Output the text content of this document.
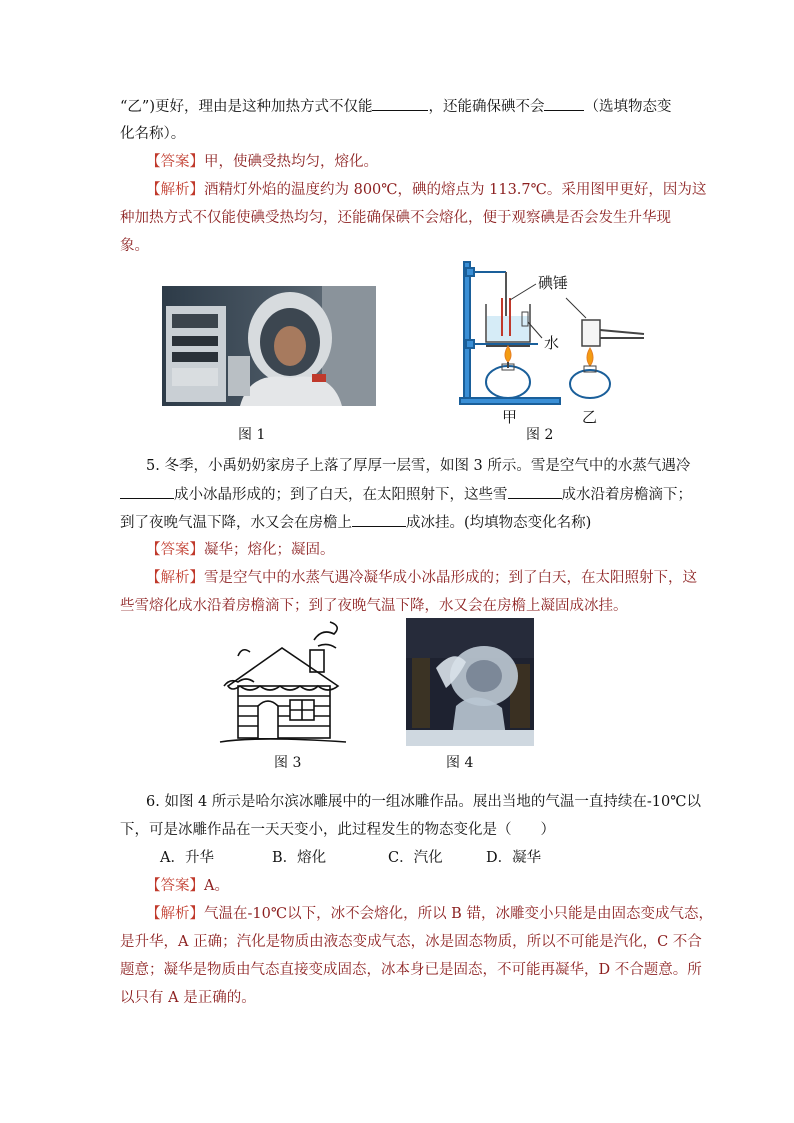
“乙”)更好，理由是这种加热方式不仅能	，还能确保碘不会	（选填物态变
化名称）。
【答案】甲，使碘受热均匀，熔化。
【解析】酒精灯外焰的温度约为 800℃，碘的熔点为 113.7℃。采用图甲更好，因为这
种加热方式不仅能使碘受热均匀，还能确保碘不会熔化，便于观察碘是否会发生升华现
象。
图 1
碘锤
水
甲	乙
图 2
5. 冬季，小禹奶奶家房子上落了厚厚一层雪，如图 3 所示。雪是空气中的水蒸气遇冷
成小冰晶形成的；到了白天，在太阳照射下，这些雪	成水沿着房檐滴下；
到了夜晚气温下降，水又会在房檐上	成冰挂。(均填物态变化名称)
【答案】凝华；熔化；凝固。
【解析】雪是空气中的水蒸气遇冷凝华成小冰晶形成的；到了白天，在太阳照射下，这
些雪熔化成水沿着房檐滴下；到了夜晚气温下降，水又会在房檐上凝固成冰挂。
图 3	图 4
6. 如图 4 所示是哈尔滨冰雕展中的一组冰雕作品。展出当地的气温一直持续在-10℃以
下，可是冰雕作品在一天天变小，此过程发生的物态变化是（　　）
A．升华	B．熔化	C．汽化	D．凝华
【答案】A。
【解析】气温在-10℃以下，冰不会熔化，所以 B 错，冰雕变小只能是由固态变成气态，
是升华，A 正确；汽化是物质由液态变成气态，冰是固态物质，所以不可能是汽化，C 不合
题意；凝华是物质由气态直接变成固态，冰本身已是固态，不可能再凝华，D 不合题意。所
以只有 A 是正确的。
